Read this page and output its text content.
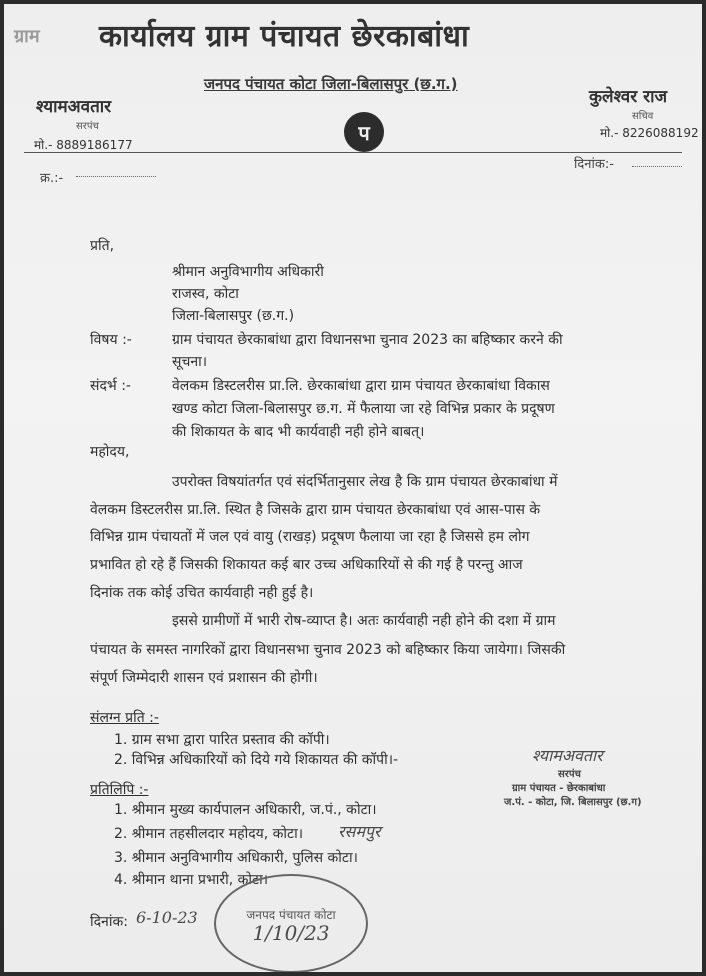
ग्राम कार्यालय ग्राम पंचायत छेरकाबांधा
जनपद पंचायत कोटा जिला-बिलासपुर (छ.ग.)
श्यामअवतार
सरपंच
मो.- 8889186177
कुलेश्वर राज
सचिव
मो.- 8226088192
प
क्र.:-
दिनांक:-
प्रति,
श्रीमान अनुविभागीय अधिकारी
राजस्व, कोटा
जिला-बिलासपुर (छ.ग.)
विषय :-	ग्राम पंचायत छेरकाबांधा द्वारा विधानसभा चुनाव 2023 का बहिष्कार करने की
सूचना।
संदर्भ :-	वेलकम डिस्टलरीस प्रा.लि. छेरकाबांधा द्वारा ग्राम पंचायत छेरकाबांधा विकास
खण्ड कोटा जिला-बिलासपुर छ.ग. में फैलाया जा रहे विभिन्न प्रकार के प्रदूषण
की शिकायत के बाद भी कार्यवाही नही होने बाबत्।
महोदय,
उपरोक्त विषयांतर्गत एवं संदर्भितानुसार लेख है कि ग्राम पंचायत छेरकाबांधा में
वेलकम डिस्टलरीस प्रा.लि. स्थित है जिसके द्वारा ग्राम पंचायत छेरकाबांधा एवं आस-पास के
विभिन्न ग्राम पंचायतों में जल एवं वायु (राखड़) प्रदूषण फैलाया जा रहा है जिससे हम लोग
प्रभावित हो रहे हैं जिसकी शिकायत कई बार उच्च अधिकारियों से की गई है परन्तु आज
दिनांक तक कोई उचित कार्यवाही नही हुई है।
इससे ग्रामीणों में भारी रोष-व्याप्त है। अतः कार्यवाही नही होने की दशा में ग्राम
पंचायत के समस्त नागरिकों द्वारा विधानसभा चुनाव 2023 को बहिष्कार किया जायेगा। जिसकी
संपूर्ण जिम्मेदारी शासन एवं प्रशासन की होगी।
संलग्न प्रति :-
1. ग्राम सभा द्वारा पारित प्रस्ताव की कॉपी।
2. विभिन्न अधिकारियों को दिये गये शिकायत की कॉपी।-	श्यामअवतार
सरपंच
ग्राम पंचायत - छेरकाबांधा
ज.पं. - कोटा, जि. बिलासपुर (छ.ग)
प्रतिलिपि :-
1. श्रीमान मुख्य कार्यपालन अधिकारी, ज.पं., कोटा।
2. श्रीमान तहसीलदार महोदय, कोटा। रसमपुर
3. श्रीमान अनुविभागीय अधिकारी, पुलिस कोटा।
4. श्रीमान थाना प्रभारी, कोटा।
दिनांक: 6-10-23	जनपद पंचायत कोटा
1/10/23
